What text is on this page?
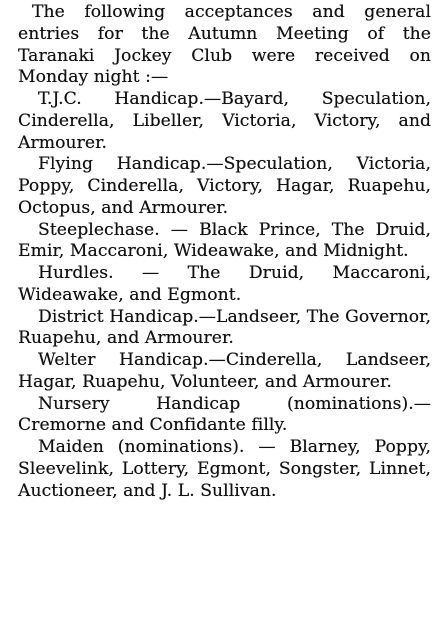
The following acceptances and general entries for the Autumn Meeting of the Taranaki Jockey Club were received on Monday night :—

T.J.C. Handicap.—Bayard, Speculation, Cinderella, Libeller, Victoria, Victory, and Armourer.

Flying Handicap.—Speculation, Victoria, Poppy, Cinderella, Victory, Hagar, Ruapehu, Octopus, and Armourer.

Steeplechase. — Black Prince, The Druid, Emir, Maccaroni, Wideawake, and Midnight.

Hurdles. — The Druid, Maccaroni, Wideawake, and Egmont.

District Handicap.—Landseer, The Governor, Ruapehu, and Armourer.

Welter Handicap.—Cinderella, Landseer, Hagar, Ruapehu, Volunteer, and Armourer.

Nursery Handicap (nominations).—Cremorne and Confidante filly.

Maiden (nominations). — Blarney, Poppy, Sleevelink, Lottery, Egmont, Songster, Linnet, Auctioneer, and J. L. Sullivan.
